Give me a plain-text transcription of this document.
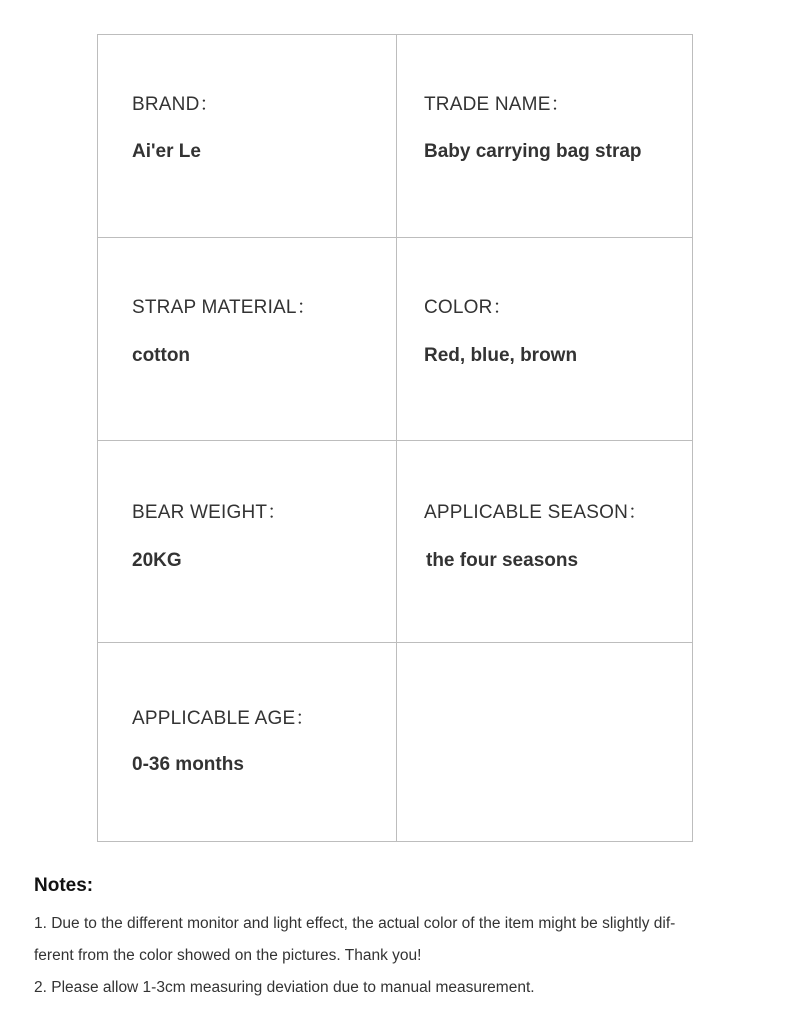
BRAND：
Ai'er Le
TRADE NAME：
Baby carrying bag strap
STRAP MATERIAL：
cotton
COLOR：
Red, blue, brown
BEAR WEIGHT：
20KG
APPLICABLE SEASON：
the four seasons
APPLICABLE AGE：
0-36 months

Notes:

1. Due to the different monitor and light effect, the actual color of the item might be slightly dif-

ferent from the color showed on the pictures. Thank you!

2. Please allow 1-3cm measuring deviation due to manual measurement.
